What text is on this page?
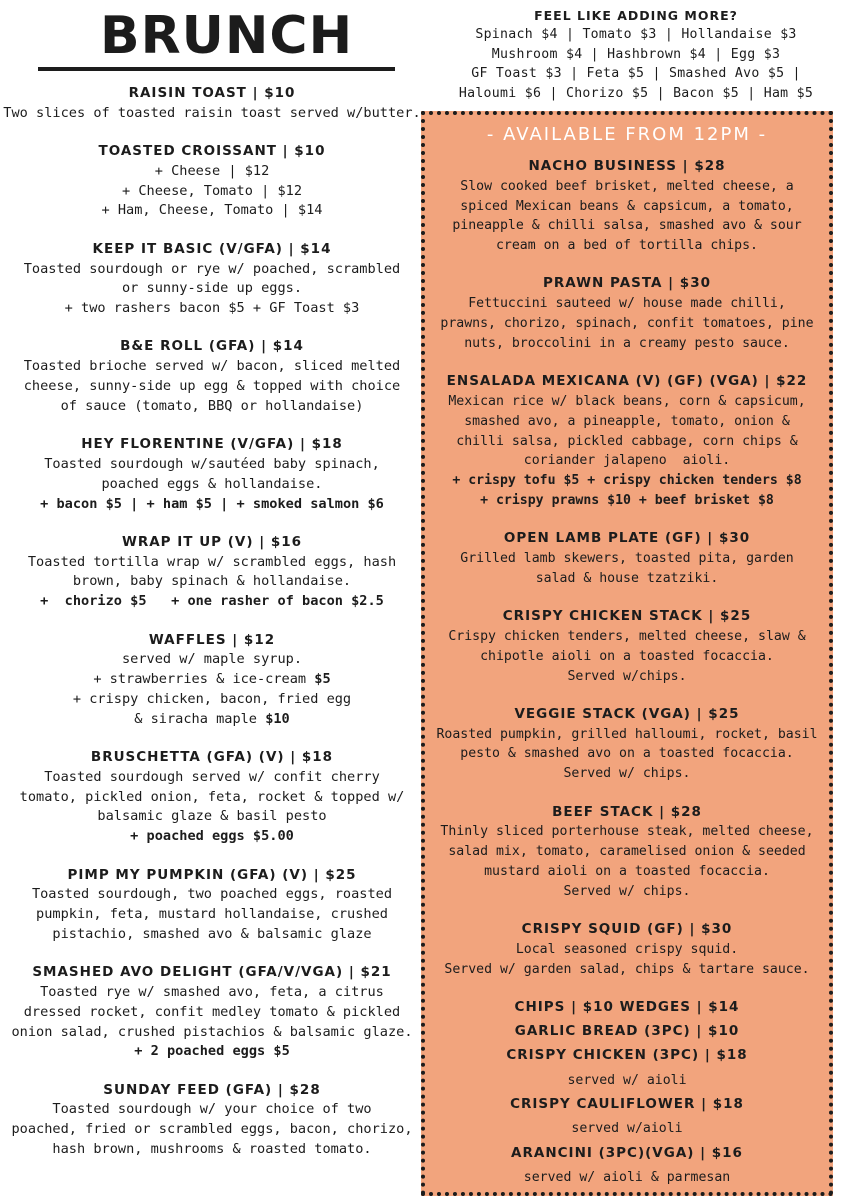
BRUNCH	FEEL LIKE ADDING MORE?

Spinach $4 | Tomato $3 | Hollandaise $3

Mushroom $4 | Hashbrown $4 | Egg $3

GF Toast $3 | Feta $5 | Smashed Avo $5 |

Haloumi $6 | Chorizo $5 | Bacon $5 | Ham $5

RAISIN TOAST | $10

Two slices of toasted raisin toast served w/butter.

TOASTED CROISSANT | $10

+ Cheese | $12

+ Cheese, Tomato | $12

+ Ham, Cheese, Tomato | $14

KEEP IT BASIC (V/GFA) | $14

Toasted sourdough or rye w/ poached, scrambled

or sunny-side up eggs.

+ two rashers bacon $5 + GF Toast $3

B&E ROLL (GFA) | $14

Toasted brioche served w/ bacon, sliced melted

cheese, sunny-side up egg & topped with choice

of sauce (tomato, BBQ or hollandaise)

HEY FLORENTINE (V/GFA) | $18

Toasted sourdough w/sautéed baby spinach,

poached eggs & hollandaise.

+ bacon $5 | + ham $5 | + smoked salmon $6

WRAP IT UP (V) | $16

Toasted tortilla wrap w/ scrambled eggs, hash

brown, baby spinach & hollandaise.

+  chorizo $5   + one rasher of bacon $2.5

WAFFLES | $12

served w/ maple syrup.

+ strawberries & ice-cream $5

+ crispy chicken, bacon, fried egg

& siracha maple $10

BRUSCHETTA (GFA) (V) | $18

Toasted sourdough served w/ confit cherry

tomato, pickled onion, feta, rocket & topped w/

balsamic glaze & basil pesto

+ poached eggs $5.00

PIMP MY PUMPKIN (GFA) (V) | $25

Toasted sourdough, two poached eggs, roasted

pumpkin, feta, mustard hollandaise, crushed

pistachio, smashed avo & balsamic glaze

SMASHED AVO DELIGHT (GFA/V/VGA) | $21

Toasted rye w/ smashed avo, feta, a citrus

dressed rocket, confit medley tomato & pickled

onion salad, crushed pistachios & balsamic glaze.

+ 2 poached eggs $5

SUNDAY FEED (GFA) | $28

Toasted sourdough w/ your choice of two

poached, fried or scrambled eggs, bacon, chorizo,

hash brown, mushrooms & roasted tomato.

- AVAILABLE FROM 12PM -

NACHO BUSINESS | $28

Slow cooked beef brisket, melted cheese, a

spiced Mexican beans & capsicum, a tomato,

pineapple & chilli salsa, smashed avo & sour

cream on a bed of tortilla chips.

PRAWN PASTA | $30

Fettuccini sauteed w/ house made chilli,

prawns, chorizo, spinach, confit tomatoes, pine

nuts, broccolini in a creamy pesto sauce.

ENSALADA MEXICANA (V) (GF) (VGA) | $22

Mexican rice w/ black beans, corn & capsicum,

smashed avo, a pineapple, tomato, onion &

chilli salsa, pickled cabbage, corn chips &

coriander jalapeno  aioli.

+ crispy tofu $5 + crispy chicken tenders $8

+ crispy prawns $10 + beef brisket $8

OPEN LAMB PLATE (GF) | $30

Grilled lamb skewers, toasted pita, garden

salad & house tzatziki.

CRISPY CHICKEN STACK | $25

Crispy chicken tenders, melted cheese, slaw &

chipotle aioli on a toasted focaccia.

Served w/chips.

VEGGIE STACK (VGA) | $25

Roasted pumpkin, grilled halloumi, rocket, basil

pesto & smashed avo on a toasted focaccia.

Served w/ chips.

BEEF STACK | $28

Thinly sliced porterhouse steak, melted cheese,

salad mix, tomato, caramelised onion & seeded

mustard aioli on a toasted focaccia.

Served w/ chips.

CRISPY SQUID (GF) | $30

Local seasoned crispy squid.

Served w/ garden salad, chips & tartare sauce.

CHIPS | $10 WEDGES | $14

GARLIC BREAD (3PC) | $10

CRISPY CHICKEN (3PC) | $18

served w/ aioli

CRISPY CAULIFLOWER | $18

served w/aioli

ARANCINI (3PC)(VGA) | $16

served w/ aioli & parmesan
